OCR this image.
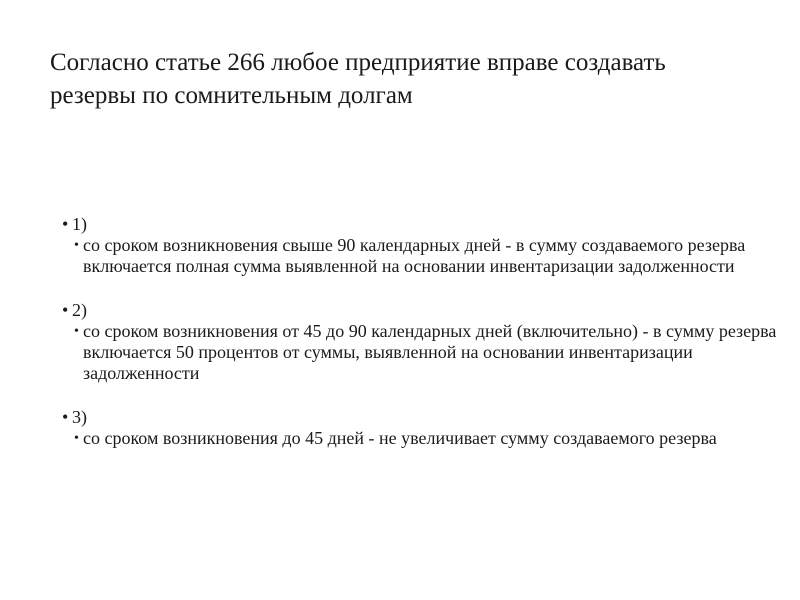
Согласно статье 266 любое предприятие вправе создавать резервы по сомнительным долгам
• 1)
• со сроком возникновения свыше 90 календарных дней - в сумму создаваемого резерва включается полная сумма выявленной на основании инвентаризации задолженности
• 2)
• со сроком возникновения от 45 до 90 календарных дней (включительно) - в сумму резерва включается 50 процентов от суммы, выявленной на основании инвентаризации задолженности
• 3)
• со сроком возникновения до 45 дней - не увеличивает сумму создаваемого резерва
